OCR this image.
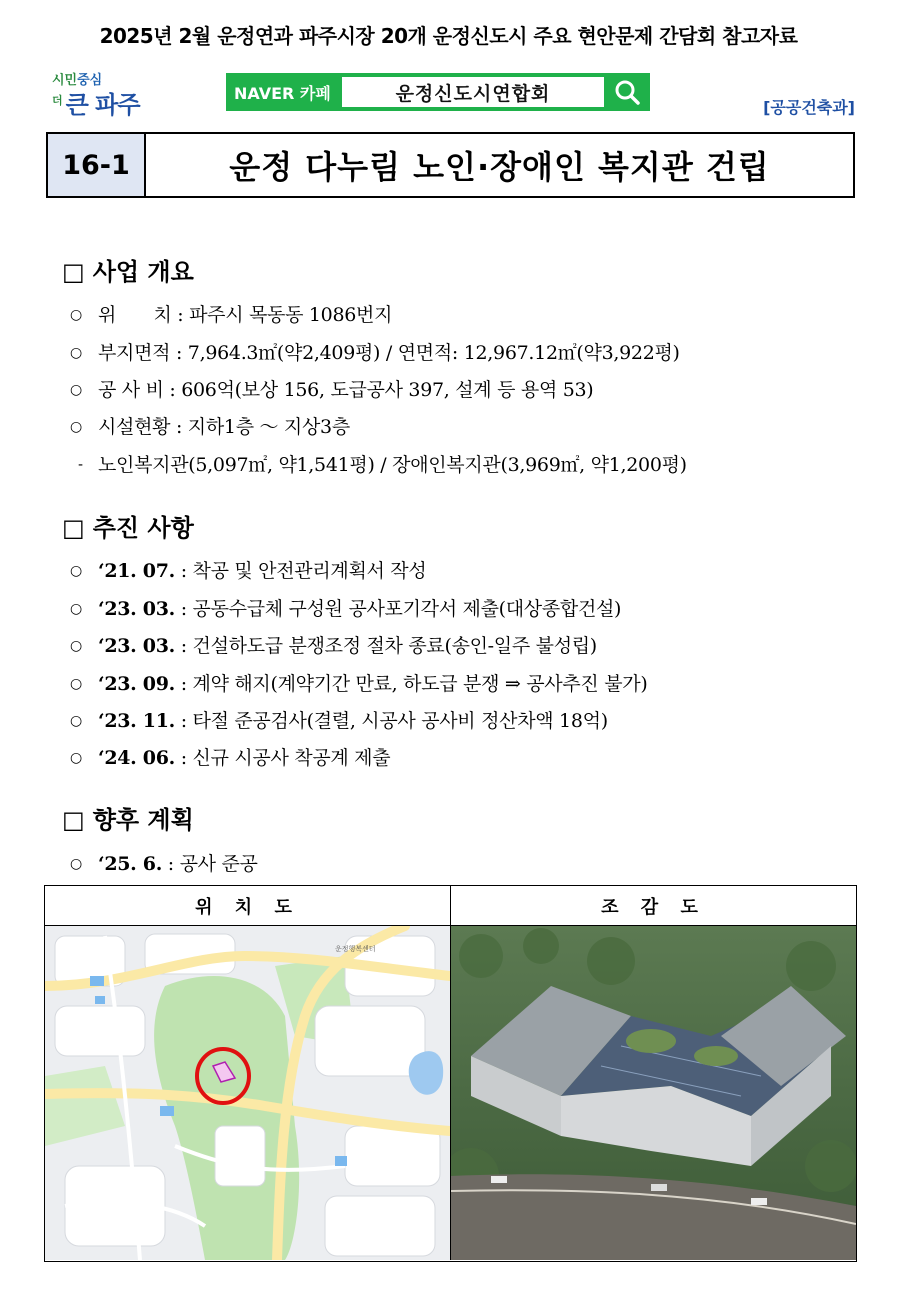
2025년 2월 운정연과 파주시장 20개 운정신도시 주요 현안문제 간담회 참고자료
시민중심
더 큰 파주	NAVER 카페	운정신도시연합회
[공공건축과]
16-1	운정 다누림 노인·장애인 복지관 건립
□ 사업 개요
○ 위　　치 : 파주시 목동동 1086번지
○ 부지면적 : 7,964.3㎡(약2,409평) / 연면적: 12,967.12㎡(약3,922평)
○ 공 사 비 : 606억(보상 156, 도급공사 397, 설계 등 용역 53)
○ 시설현황 : 지하1층 ～ 지상3층
- 노인복지관(5,097㎡, 약1,541평) / 장애인복지관(3,969㎡, 약1,200평)
□ 추진 사항
○ ‘21. 07. : 착공 및 안전관리계획서 작성
○ ‘23. 03. : 공동수급체 구성원 공사포기각서 제출(대상종합건설)
○ ‘23. 03. : 건설하도급 분쟁조정 절차 종료(송인-일주 불성립)
○ ‘23. 09. : 계약 해지(계약기간 만료, 하도급 분쟁 ⇒ 공사추진 불가)
○ ‘23. 11. : 타절 준공검사(결렬, 시공사 공사비 정산차액 18억)
○ ‘24. 06. : 신규 시공사 착공계 제출
□ 향후 계획
○ ‘25. 6. : 공사 준공
위 치 도	조 감 도
운정행복센터
